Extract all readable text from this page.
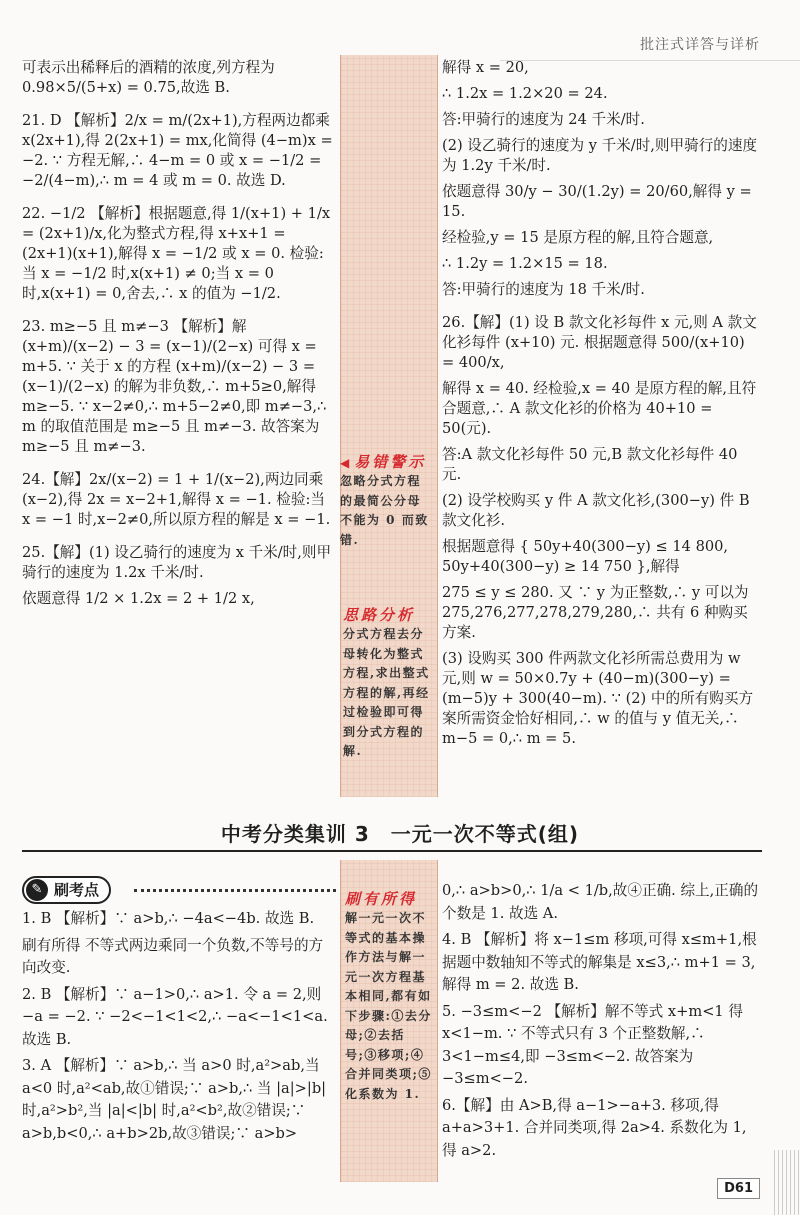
批注式详答与详析

可表示出稀释后的酒精的浓度,列方程为 0.98×5/(5+x) = 0.75,故选 B.

21. D 【解析】2/x = m/(2x+1),方程两边都乘 x(2x+1),得 2(2x+1) = mx,化简得 (4−m)x = −2. ∵ 方程无解,∴ 4−m = 0 或 x = −1/2 = −2/(4−m),∴ m = 4 或 m = 0. 故选 D.

22. −1/2 【解析】根据题意,得 1/(x+1) + 1/x = (2x+1)/x,化为整式方程,得 x+x+1 = (2x+1)(x+1),解得 x = −1/2 或 x = 0. 检验:当 x = −1/2 时,x(x+1) ≠ 0;当 x = 0 时,x(x+1) = 0,舍去,∴ x 的值为 −1/2.

23. m≥−5 且 m≠−3 【解析】解 (x+m)/(x−2) − 3 = (x−1)/(2−x) 可得 x = m+5. ∵ 关于 x 的方程 (x+m)/(x−2) − 3 = (x−1)/(2−x) 的解为非负数,∴ m+5≥0,解得 m≥−5. ∵ x−2≠0,∴ m+5−2≠0,即 m≠−3,∴ m 的取值范围是 m≥−5 且 m≠−3. 故答案为 m≥−5 且 m≠−3.

24.【解】2x/(x−2) = 1 + 1/(x−2),两边同乘 (x−2),得 2x = x−2+1,解得 x = −1. 检验:当 x = −1 时,x−2≠0,所以原方程的解是 x = −1.

25.【解】(1) 设乙骑行的速度为 x 千米/时,则甲骑行的速度为 1.2x 千米/时.

依题意得 1/2 × 1.2x = 2 + 1/2 x,

解得 x = 20,

∴ 1.2x = 1.2×20 = 24.

答:甲骑行的速度为 24 千米/时.

(2) 设乙骑行的速度为 y 千米/时,则甲骑行的速度为 1.2y 千米/时.

依题意得 30/y − 30/(1.2y) = 20/60,解得 y = 15.

经检验,y = 15 是原方程的解,且符合题意,

∴ 1.2y = 1.2×15 = 18.

答:甲骑行的速度为 18 千米/时.

26.【解】(1) 设 B 款文化衫每件 x 元,则 A 款文化衫每件 (x+10) 元. 根据题意得 500/(x+10) = 400/x,

解得 x = 40. 经检验,x = 40 是原方程的解,且符合题意,∴ A 款文化衫的价格为 40+10 = 50(元).

答:A 款文化衫每件 50 元,B 款文化衫每件 40 元.

(2) 设学校购买 y 件 A 款文化衫,(300−y) 件 B 款文化衫.

根据题意得 { 50y+40(300−y) ≤ 14 800, 50y+40(300−y) ≥ 14 750 },解得

275 ≤ y ≤ 280. 又 ∵ y 为正整数,∴ y 可以为 275,276,277,278,279,280,∴ 共有 6 种购买方案.

(3) 设购买 300 件两款文化衫所需总费用为 w 元,则 w = 50×0.7y + (40−m)(300−y) = (m−5)y + 300(40−m). ∵ (2) 中的所有购买方案所需资金恰好相同,∴ w 的值与 y 值无关,∴ m−5 = 0,∴ m = 5.

◀ 易错警示
忽略分式方程的最简公分母不能为 0 而致错.
思路分析
分式方程去分母转化为整式方程,求出整式方程的解,再经过检验即可得到分式方程的解.
中考分类集训 3　一元一次不等式(组)
✎ 刷考点	刷有所得
解一元一次不等式的基本操作方法与解一元一次方程基本相同,都有如下步骤:①去分母;②去括号;③移项;④合并同类项;⑤化系数为 1.

1. B 【解析】∵ a>b,∴ −4a<−4b. 故选 B.

刷有所得 不等式两边乘同一个负数,不等号的方向改变.

2. B 【解析】∵ a−1>0,∴ a>1. 令 a = 2,则 −a = −2. ∵ −2<−1<1<2,∴ −a<−1<1<a. 故选 B.

3. A 【解析】∵ a>b,∴ 当 a>0 时,a²>ab,当 a<0 时,a²<ab,故①错误;∵ a>b,∴ 当 |a|>|b| 时,a²>b²,当 |a|<|b| 时,a²<b²,故②错误;∵ a>b,b<0,∴ a+b>2b,故③错误;∵ a>b>

0,∴ a>b>0,∴ 1/a < 1/b,故④正确. 综上,正确的个数是 1. 故选 A.

4. B 【解析】将 x−1≤m 移项,可得 x≤m+1,根据题中数轴知不等式的解集是 x≤3,∴ m+1 = 3,解得 m = 2. 故选 B.

5. −3≤m<−2 【解析】解不等式 x+m<1 得 x<1−m. ∵ 不等式只有 3 个正整数解,∴ 3<1−m≤4,即 −3≤m<−2. 故答案为 −3≤m<−2.

6.【解】由 A>B,得 a−1>−a+3. 移项,得 a+a>3+1. 合并同类项,得 2a>4. 系数化为 1,得 a>2.

D61
